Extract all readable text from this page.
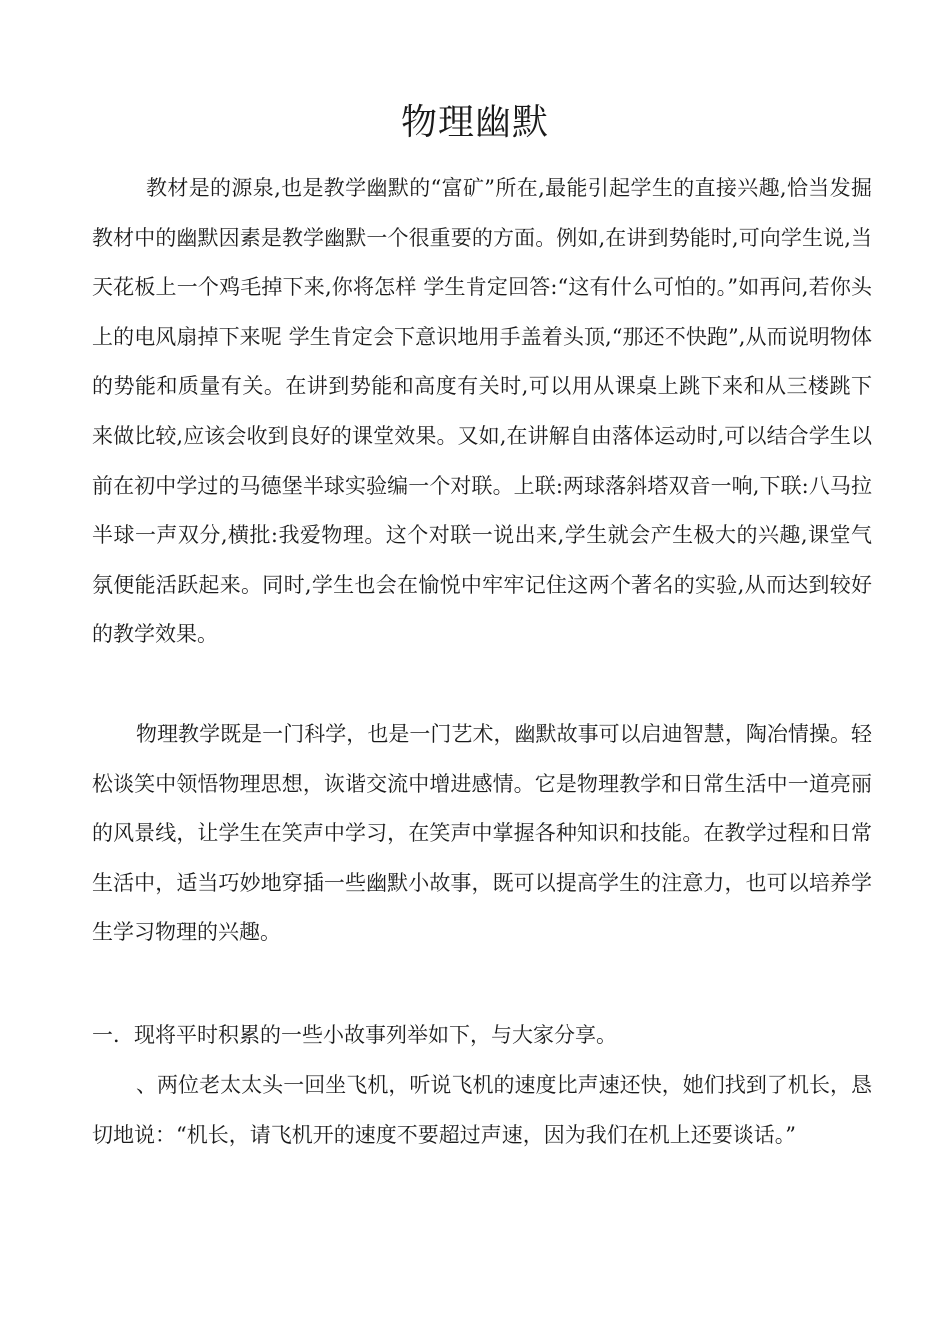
物理幽默

教材是的源泉,也是教学幽默的“富矿”所在,最能引起学生的直接兴趣,恰当发掘教材中的幽默因素是教学幽默一个很重要的方面。例如,在讲到势能时,可向学生说,当天花板上一个鸡毛掉下来,你将怎样 学生肯定回答:“这有什么可怕的。”如再问,若你头上的电风扇掉下来呢 学生肯定会下意识地用手盖着头顶,“那还不快跑”,从而说明物体的势能和质量有关。在讲到势能和高度有关时,可以用从课桌上跳下来和从三楼跳下来做比较,应该会收到良好的课堂效果。又如,在讲解自由落体运动时,可以结合学生以前在初中学过的马德堡半球实验编一个对联。上联:两球落斜塔双音一响,下联:八马拉半球一声双分,横批:我爱物理。这个对联一说出来,学生就会产生极大的兴趣,课堂气氛便能活跃起来。同时,学生也会在愉悦中牢牢记住这两个著名的实验,从而达到较好的教学效果。

物理教学既是一门科学，也是一门艺术，幽默故事可以启迪智慧，陶冶情操。轻松谈笑中领悟物理思想，诙谐交流中增进感情。它是物理教学和日常生活中一道亮丽的风景线，让学生在笑声中学习，在笑声中掌握各种知识和技能。在教学过程和日常生活中，适当巧妙地穿插一些幽默小故事，既可以提高学生的注意力，也可以培养学生学习物理的兴趣。

一．现将平时积累的一些小故事列举如下，与大家分享。

、两位老太太头一回坐飞机，听说飞机的速度比声速还快，她们找到了机长，恳切地说：“机长，请飞机开的速度不要超过声速，因为我们在机上还要谈话。”
